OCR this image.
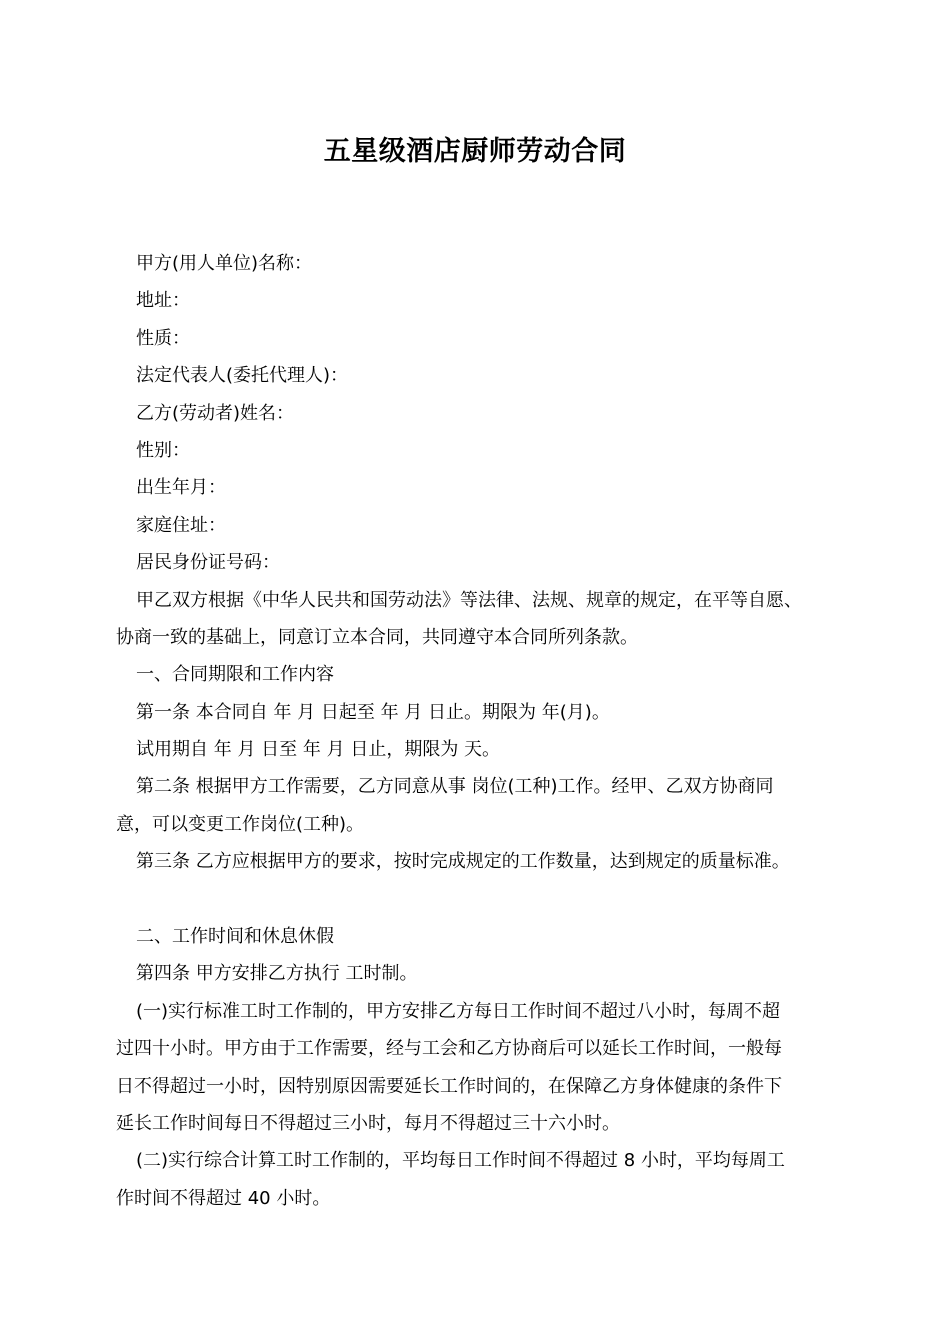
五星级酒店厨师劳动合同
甲方(用人单位)名称：
地址：
性质：
法定代表人(委托代理人)：
乙方(劳动者)姓名：
性别：
出生年月：
家庭住址：
居民身份证号码：
甲乙双方根据《中华人民共和国劳动法》等法律、法规、规章的规定，在平等自愿、
协商一致的基础上，同意订立本合同，共同遵守本合同所列条款。
一、合同期限和工作内容
第一条 本合同自 年 月 日起至 年 月 日止。期限为 年(月)。
试用期自 年 月 日至 年 月 日止，期限为 天。
第二条 根据甲方工作需要，乙方同意从事 岗位(工种)工作。经甲、乙双方协商同
意，可以变更工作岗位(工种)。
第三条 乙方应根据甲方的要求，按时完成规定的工作数量，达到规定的质量标准。
二、工作时间和休息休假
第四条 甲方安排乙方执行 工时制。
(一)实行标准工时工作制的，甲方安排乙方每日工作时间不超过八小时，每周不超
过四十小时。甲方由于工作需要，经与工会和乙方协商后可以延长工作时间，一般每
日不得超过一小时，因特别原因需要延长工作时间的，在保障乙方身体健康的条件下
延长工作时间每日不得超过三小时，每月不得超过三十六小时。
(二)实行综合计算工时工作制的，平均每日工作时间不得超过 8 小时，平均每周工
作时间不得超过 40 小时。
